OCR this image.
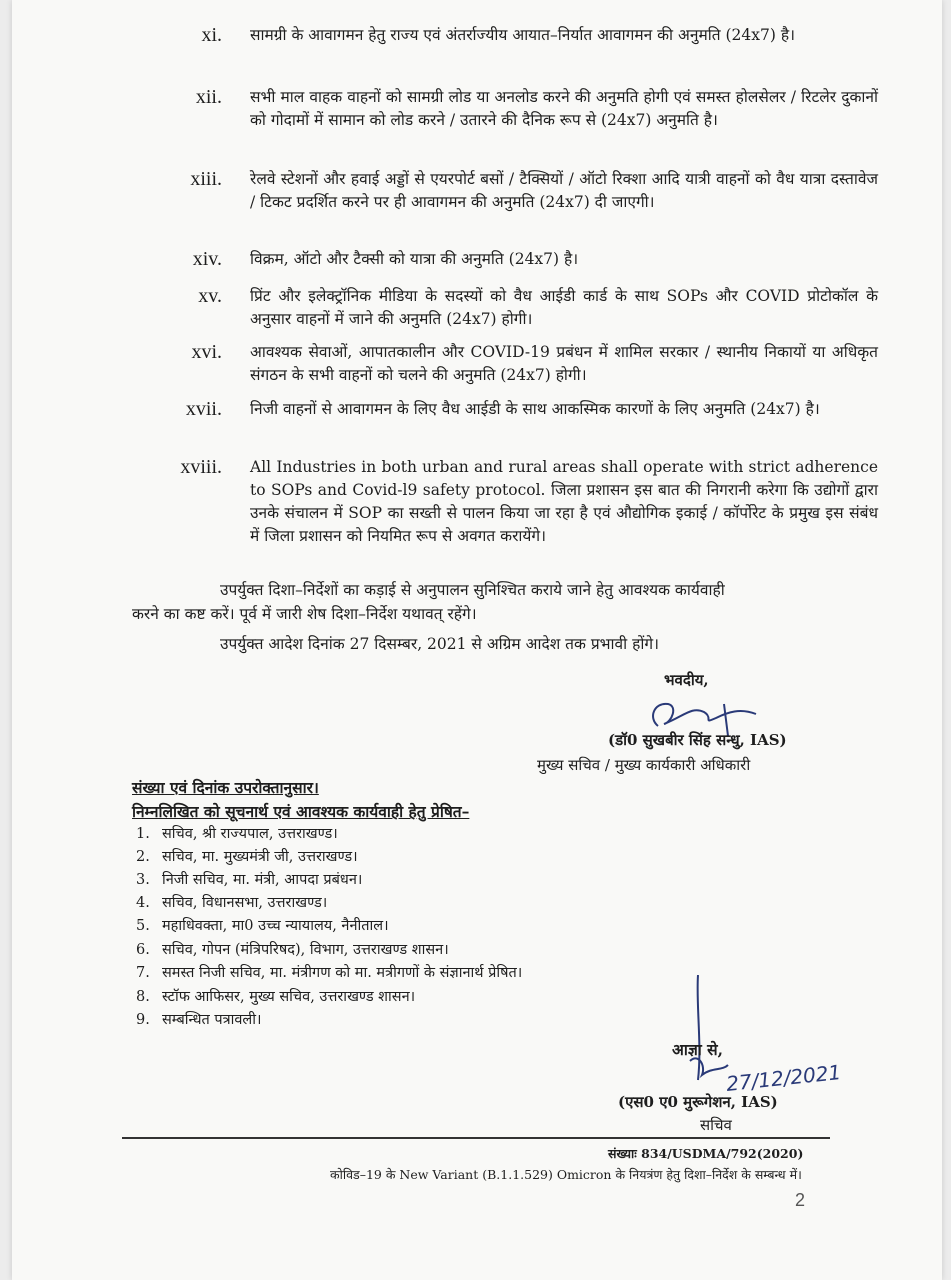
xi. सामग्री के आवागमन हेतु राज्य एवं अंतर्राज्यीय आयात–निर्यात आवागमन की अनुमति (24x7) है।
xii. सभी माल वाहक वाहनों को सामग्री लोड या अनलोड करने की अनुमति होगी एवं समस्त होलसेलर / रिटलेर दुकानों को गोदामों में सामान को लोड करने / उतारने की दैनिक रूप से (24x7) अनुमति है।
xiii. रेलवे स्टेशनों और हवाई अड्डों से एयरपोर्ट बसों / टैक्सियों / ऑटो रिक्शा आदि यात्री वाहनों को वैध यात्रा दस्तावेज / टिकट प्रदर्शित करने पर ही आवागमन की अनुमति (24x7) दी जाएगी।
xiv. विक्रम, ऑटो और टैक्सी को यात्रा की अनुमति (24x7) है।
xv. प्रिंट और इलेक्ट्रॉनिक मीडिया के सदस्यों को वैध आईडी कार्ड के साथ SOPs और COVID प्रोटोकॉल के अनुसार वाहनों में जाने की अनुमति (24x7) होगी।
xvi. आवश्यक सेवाओं, आपातकालीन और COVID-19 प्रबंधन में शामिल सरकार / स्थानीय निकायों या अधिकृत संगठन के सभी वाहनों को चलने की अनुमति (24x7) होगी।
xvii. निजी वाहनों से आवागमन के लिए वैध आईडी के साथ आकस्मिक कारणों के लिए अनुमति (24x7) है।
xviii. All Industries in both urban and rural areas shall operate with strict adherence to SOPs and Covid-l9 safety protocol. जिला प्रशासन इस बात की निगरानी करेगा कि उद्योगों द्वारा उनके संचालन में SOP का सख्ती से पालन किया जा रहा है एवं औद्योगिक इकाई / कॉर्पोरेट के प्रमुख इस संबंध में जिला प्रशासन को नियमित रूप से अवगत करायेंगे।
उपर्युक्त दिशा–निर्देशों का कड़ाई से अनुपालन सुनिश्चित कराये जाने हेतु आवश्यक कार्यवाही
करने का कष्ट करें। पूर्व में जारी शेष दिशा–निर्देश यथावत् रहेंगे।
उपर्युक्त आदेश दिनांक 27 दिसम्बर, 2021 से अग्रिम आदेश तक प्रभावी होंगे।
भवदीय,
(डॉ0 सुखबीर सिंह सन्धु, IAS)
मुख्य सचिव / मुख्य कार्यकारी अधिकारी
संख्या एवं दिनांक उपरोक्तानुसार।
निम्नलिखित को सूचनार्थ एवं आवश्यक कार्यवाही हेतु प्रेषित–
1. सचिव, श्री राज्यपाल, उत्तराखण्ड।
2. सचिव, मा. मुख्यमंत्री जी, उत्तराखण्ड।
3. निजी सचिव, मा. मंत्री, आपदा प्रबंधन।
4. सचिव, विधानसभा, उत्तराखण्ड।
5. महाधिवक्ता, मा0 उच्च न्यायालय, नैनीताल।
6. सचिव, गोपन (मंत्रिपरिषद), विभाग, उत्तराखण्ड शासन।
7. समस्त निजी सचिव, मा. मंत्रीगण को मा. मत्रीगणों के संज्ञानार्थ प्रेषित।
8. स्टॉफ आफिसर, मुख्य सचिव, उत्तराखण्ड शासन।
9. सम्बन्धित पत्रावली।
आज्ञा से,
27/12/2021
(एस0 ए0 मुरूगेशन, IAS)
सचिव
संख्याः 834/USDMA/792(2020)
कोविड–19 के New Variant (B.1.1.529) Omicron के नियत्रंण हेतु दिशा–निर्देश के सम्बन्ध में।
2
